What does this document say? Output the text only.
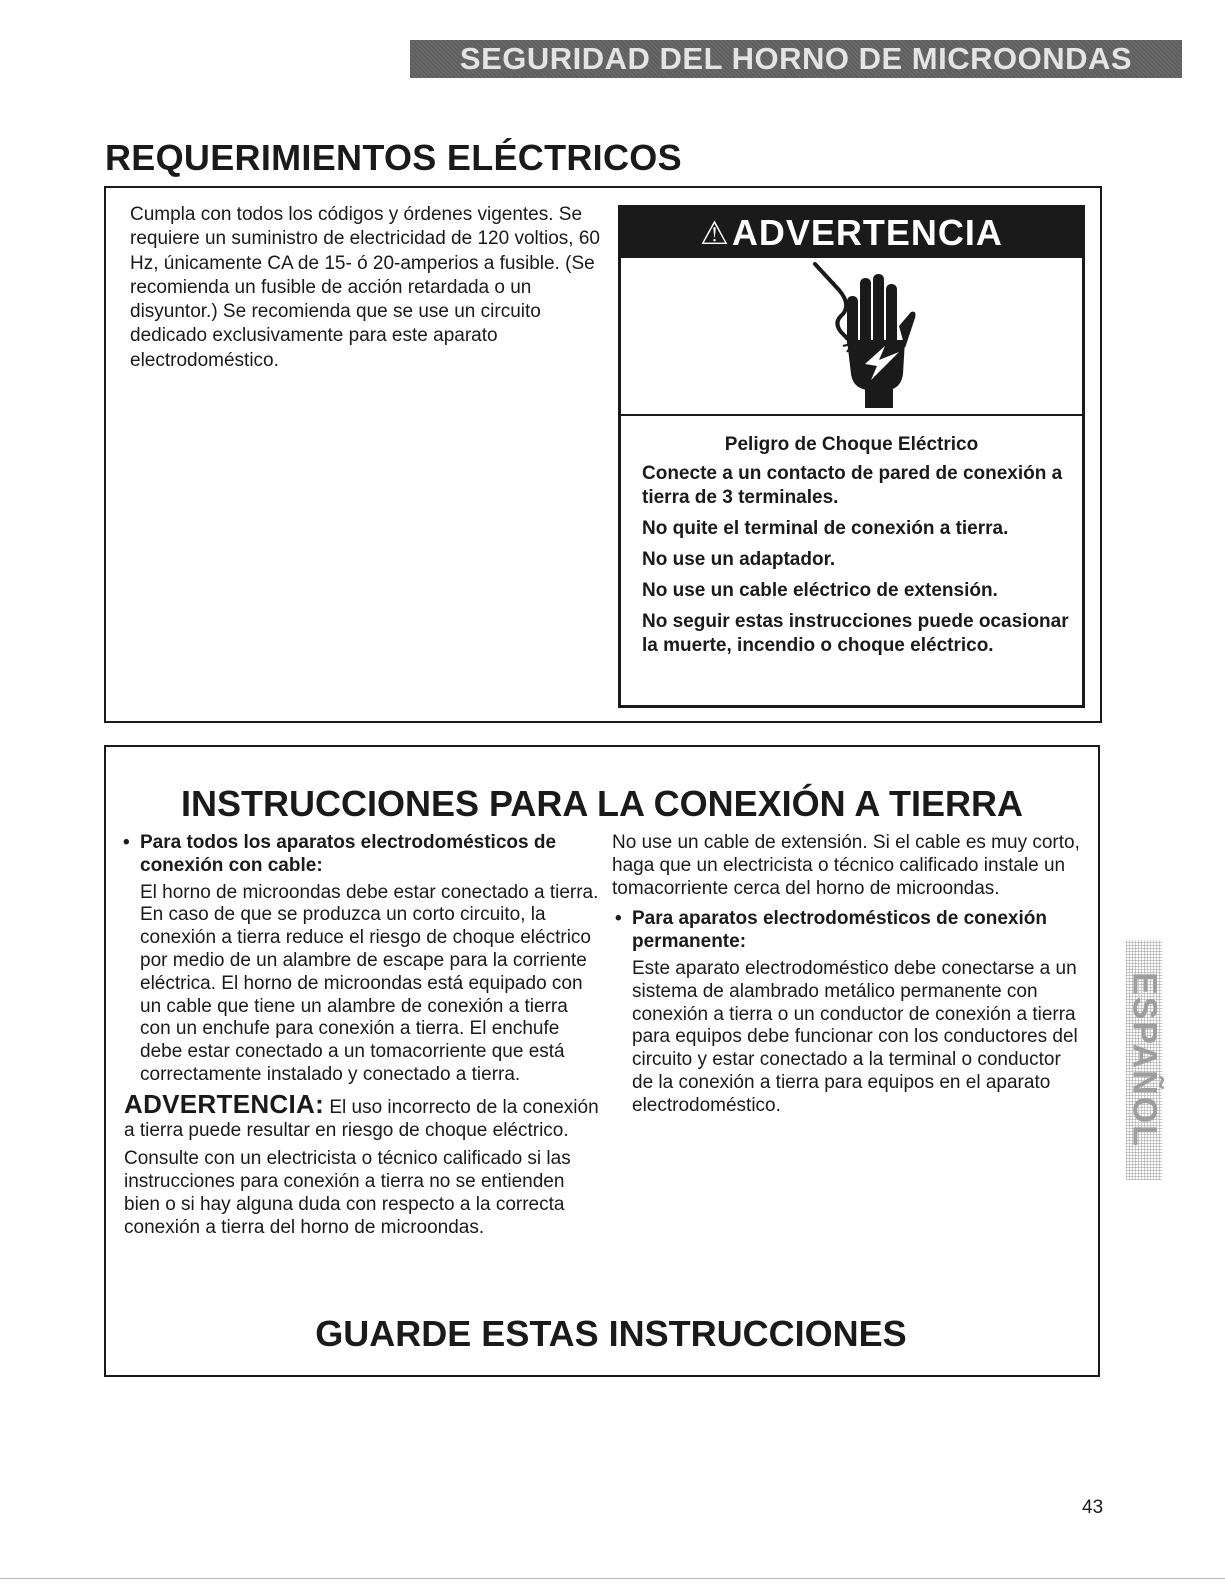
SEGURIDAD DEL HORNO DE MICROONDAS
REQUERIMIENTOS ELÉCTRICOS

Cumpla con todos los códigos y órdenes vigentes. Se requiere un suministro de electricidad de 120 voltios, 60 Hz, únicamente CA de 15- ó 20-amperios a fusible. (Se recomienda un fusible de acción retardada o un disyuntor.) Se recomienda que se use un circuito dedicado exclusivamente para este aparato electrodoméstico.

⚠ ADVERTENCIA

Peligro de Choque Eléctrico

Conecte a un contacto de pared de conexión a tierra de 3 terminales.

No quite el terminal de conexión a tierra.

No use un adaptador.

No use un cable eléctrico de extensión.

No seguir estas instrucciones puede ocasionar la muerte, incendio o choque eléctrico.

INSTRUCCIONES PARA LA CONEXIÓN A TIERRA

• Para todos los aparatos electrodomésticos de conexión con cable:

El horno de microondas debe estar conectado a tierra. En caso de que se produzca un corto circuito, la conexión a tierra reduce el riesgo de choque eléctrico por medio de un alambre de escape para la corriente eléctrica. El horno de microondas está equipado con un cable que tiene un alambre de conexión a tierra con un enchufe para conexión a tierra. El enchufe debe estar conectado a un tomacorriente que está correctamente instalado y conectado a tierra.

ADVERTENCIA: El uso incorrecto de la conexión a tierra puede resultar en riesgo de choque eléctrico.

Consulte con un electricista o técnico calificado si las instrucciones para conexión a tierra no se entienden bien o si hay alguna duda con respecto a la correcta conexión a tierra del horno de microondas.

No use un cable de extensión. Si el cable es muy corto, haga que un electricista o técnico calificado instale un tomacorriente cerca del horno de microondas.

• Para aparatos electrodomésticos de conexión permanente:

Este aparato electrodoméstico debe conectarse a un sistema de alambrado metálico permanente con conexión a tierra o un conductor de conexión a tierra para equipos debe funcionar con los conductores del circuito y estar conectado a la terminal o conductor de la conexión a tierra para equipos en el aparato electrodoméstico.

GUARDE ESTAS INSTRUCCIONES
ESPAÑOL

43
